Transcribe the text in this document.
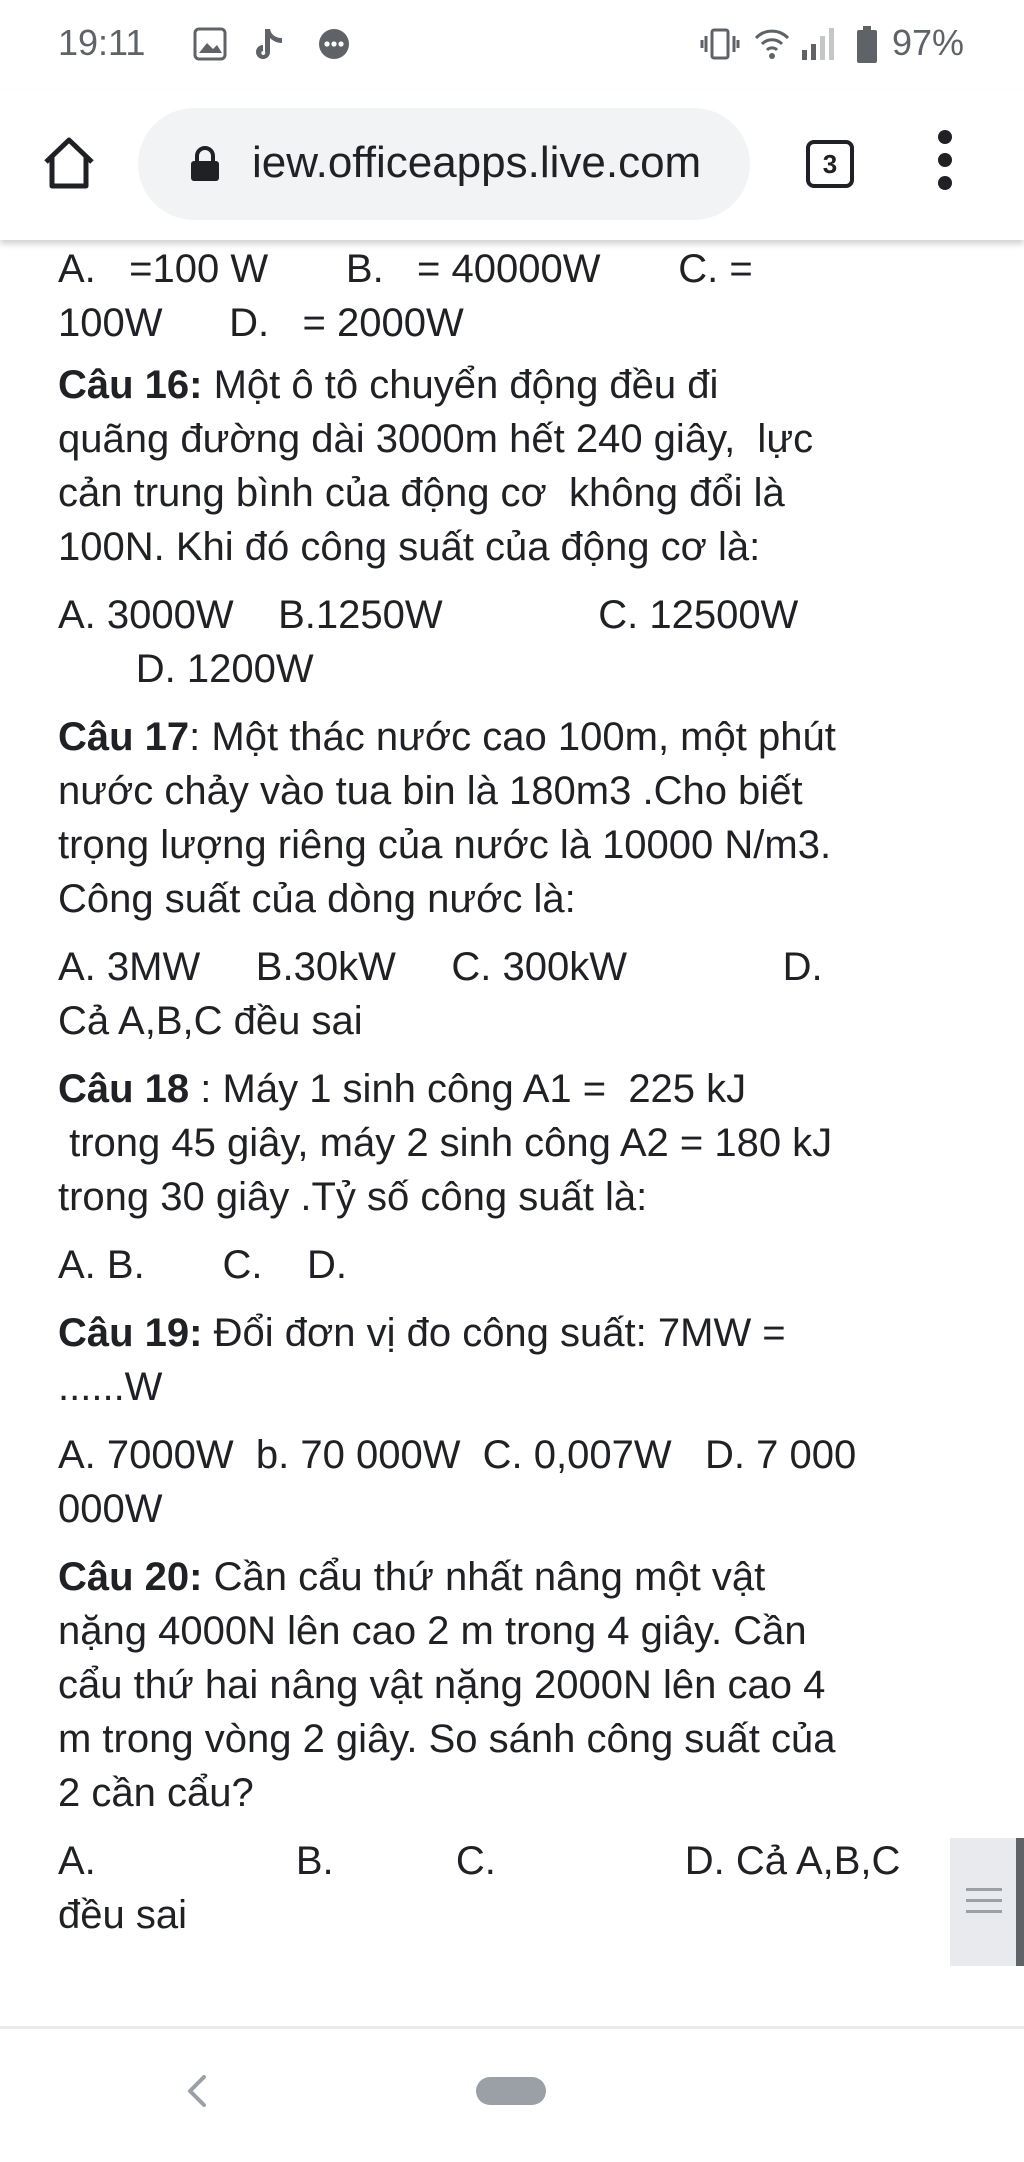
19:11	97%
iew.officeapps.live.com	3
A.   =100 W       B.   = 40000W       C. =
100W      D.   = 2000W
Câu 16: Một ô tô chuyển động đều đi
quãng đường dài 3000m hết 240 giây,  lực
cản trung bình của động cơ  không đổi là
100N. Khi đó công suất của động cơ là:
A. 3000W    B.1250W              C. 12500W
D. 1200W
Câu 17: Một thác nước cao 100m, một phút
nước chảy vào tua bin là 180m3 .Cho biết
trọng lượng riêng của nước là 10000 N/m3.
Công suất của dòng nước là:
A. 3MW     B.30kW     C. 300kW              D.
Cả A,B,C đều sai
Câu 18 : Máy 1 sinh công A1 =  225 kJ
trong 45 giây, máy 2 sinh công A2 = 180 kJ
trong 30 giây .Tỷ số công suất là:
A. B.       C.    D.
Câu 19: Đổi đơn vị đo công suất: 7MW =
......W
A. 7000W  b. 70 000W  C. 0,007W   D. 7 000
000W
Câu 20: Cần cẩu thứ nhất nâng một vật
nặng 4000N lên cao 2 m trong 4 giây. Cần
cẩu thứ hai nâng vật nặng 2000N lên cao 4
m trong vòng 2 giây. So sánh công suất của
2 cần cẩu?
A.                  B.           C.                 D. Cả A,B,C
đều sai
